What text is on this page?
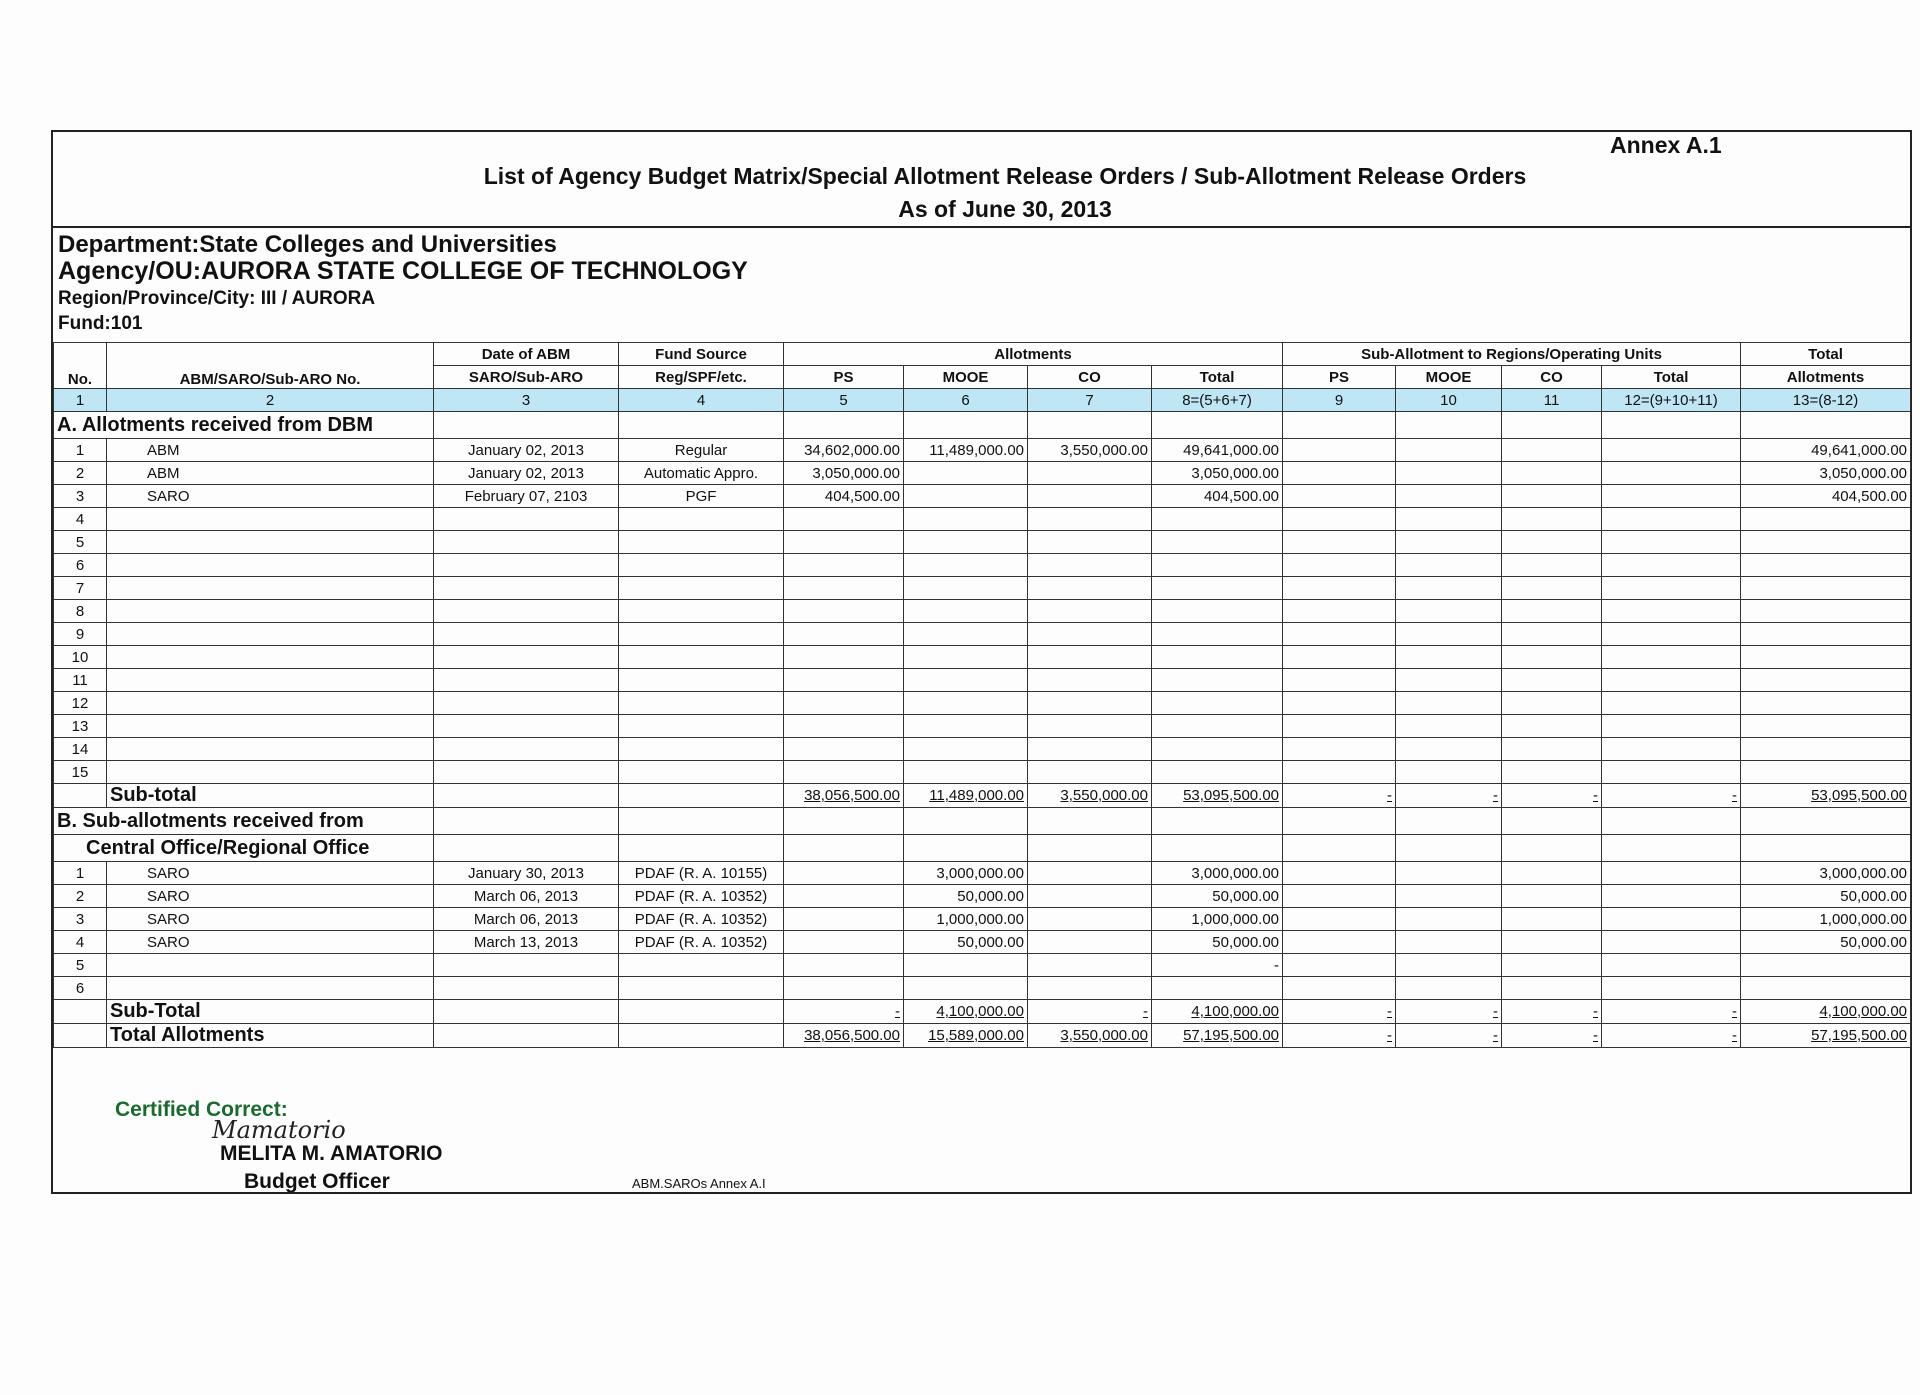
Annex A.1
List of Agency Budget Matrix/Special Allotment Release Orders / Sub-Allotment Release Orders
As of June 30, 2013
Department:State Colleges and Universities
Agency/OU:AURORA STATE COLLEGE OF TECHNOLOGY
Region/Province/City: III / AURORA
Fund:101
No.	ABM/SARO/Sub-ARO No.	Date of ABM	Fund Source	Allotments				Sub-Allotment to Regions/Operating Units				Total
		SARO/Sub-ARO	Reg/SPF/etc.	PS	MOOE	CO	Total	PS	MOOE	CO	Total	Allotments
1	2	3	4	5	6	7	8=(5+6+7)	9	10	11	12=(9+10+11)	13=(8-12)
A. Allotments received from DBM												
1	ABM	January 02, 2013	Regular	34,602,000.00	11,489,000.00	3,550,000.00	49,641,000.00					49,641,000.00
2	ABM	January 02, 2013	Automatic Appro.	3,050,000.00			3,050,000.00					3,050,000.00
3	SARO	February 07, 2103	PGF	404,500.00			404,500.00					404,500.00
4												
5												
6												
7												
8												
9												
10												
11												
12												
13												
14												
15												
	Sub-total			38,056,500.00	11,489,000.00	3,550,000.00	53,095,500.00	-	-	-	-	53,095,500.00
B. Sub-allotments received from												
Central Office/Regional Office												
1	SARO	January 30, 2013	PDAF (R. A. 10155)		3,000,000.00		3,000,000.00					3,000,000.00
2	SARO	March 06, 2013	PDAF (R. A. 10352)		50,000.00		50,000.00					50,000.00
3	SARO	March 06, 2013	PDAF (R. A. 10352)		1,000,000.00		1,000,000.00					1,000,000.00
4	SARO	March 13, 2013	PDAF (R. A. 10352)		50,000.00		50,000.00					50,000.00
5							-					
6												
	Sub-Total			-	4,100,000.00	-	4,100,000.00	-	-	-	-	4,100,000.00
	Total Allotments			38,056,500.00	15,589,000.00	3,550,000.00	57,195,500.00	-	-	-	-	57,195,500.00
Certified Correct:
Mamatorio
MELITA M. AMATORIO
Budget Officer	ABM.SAROs Annex A.I
